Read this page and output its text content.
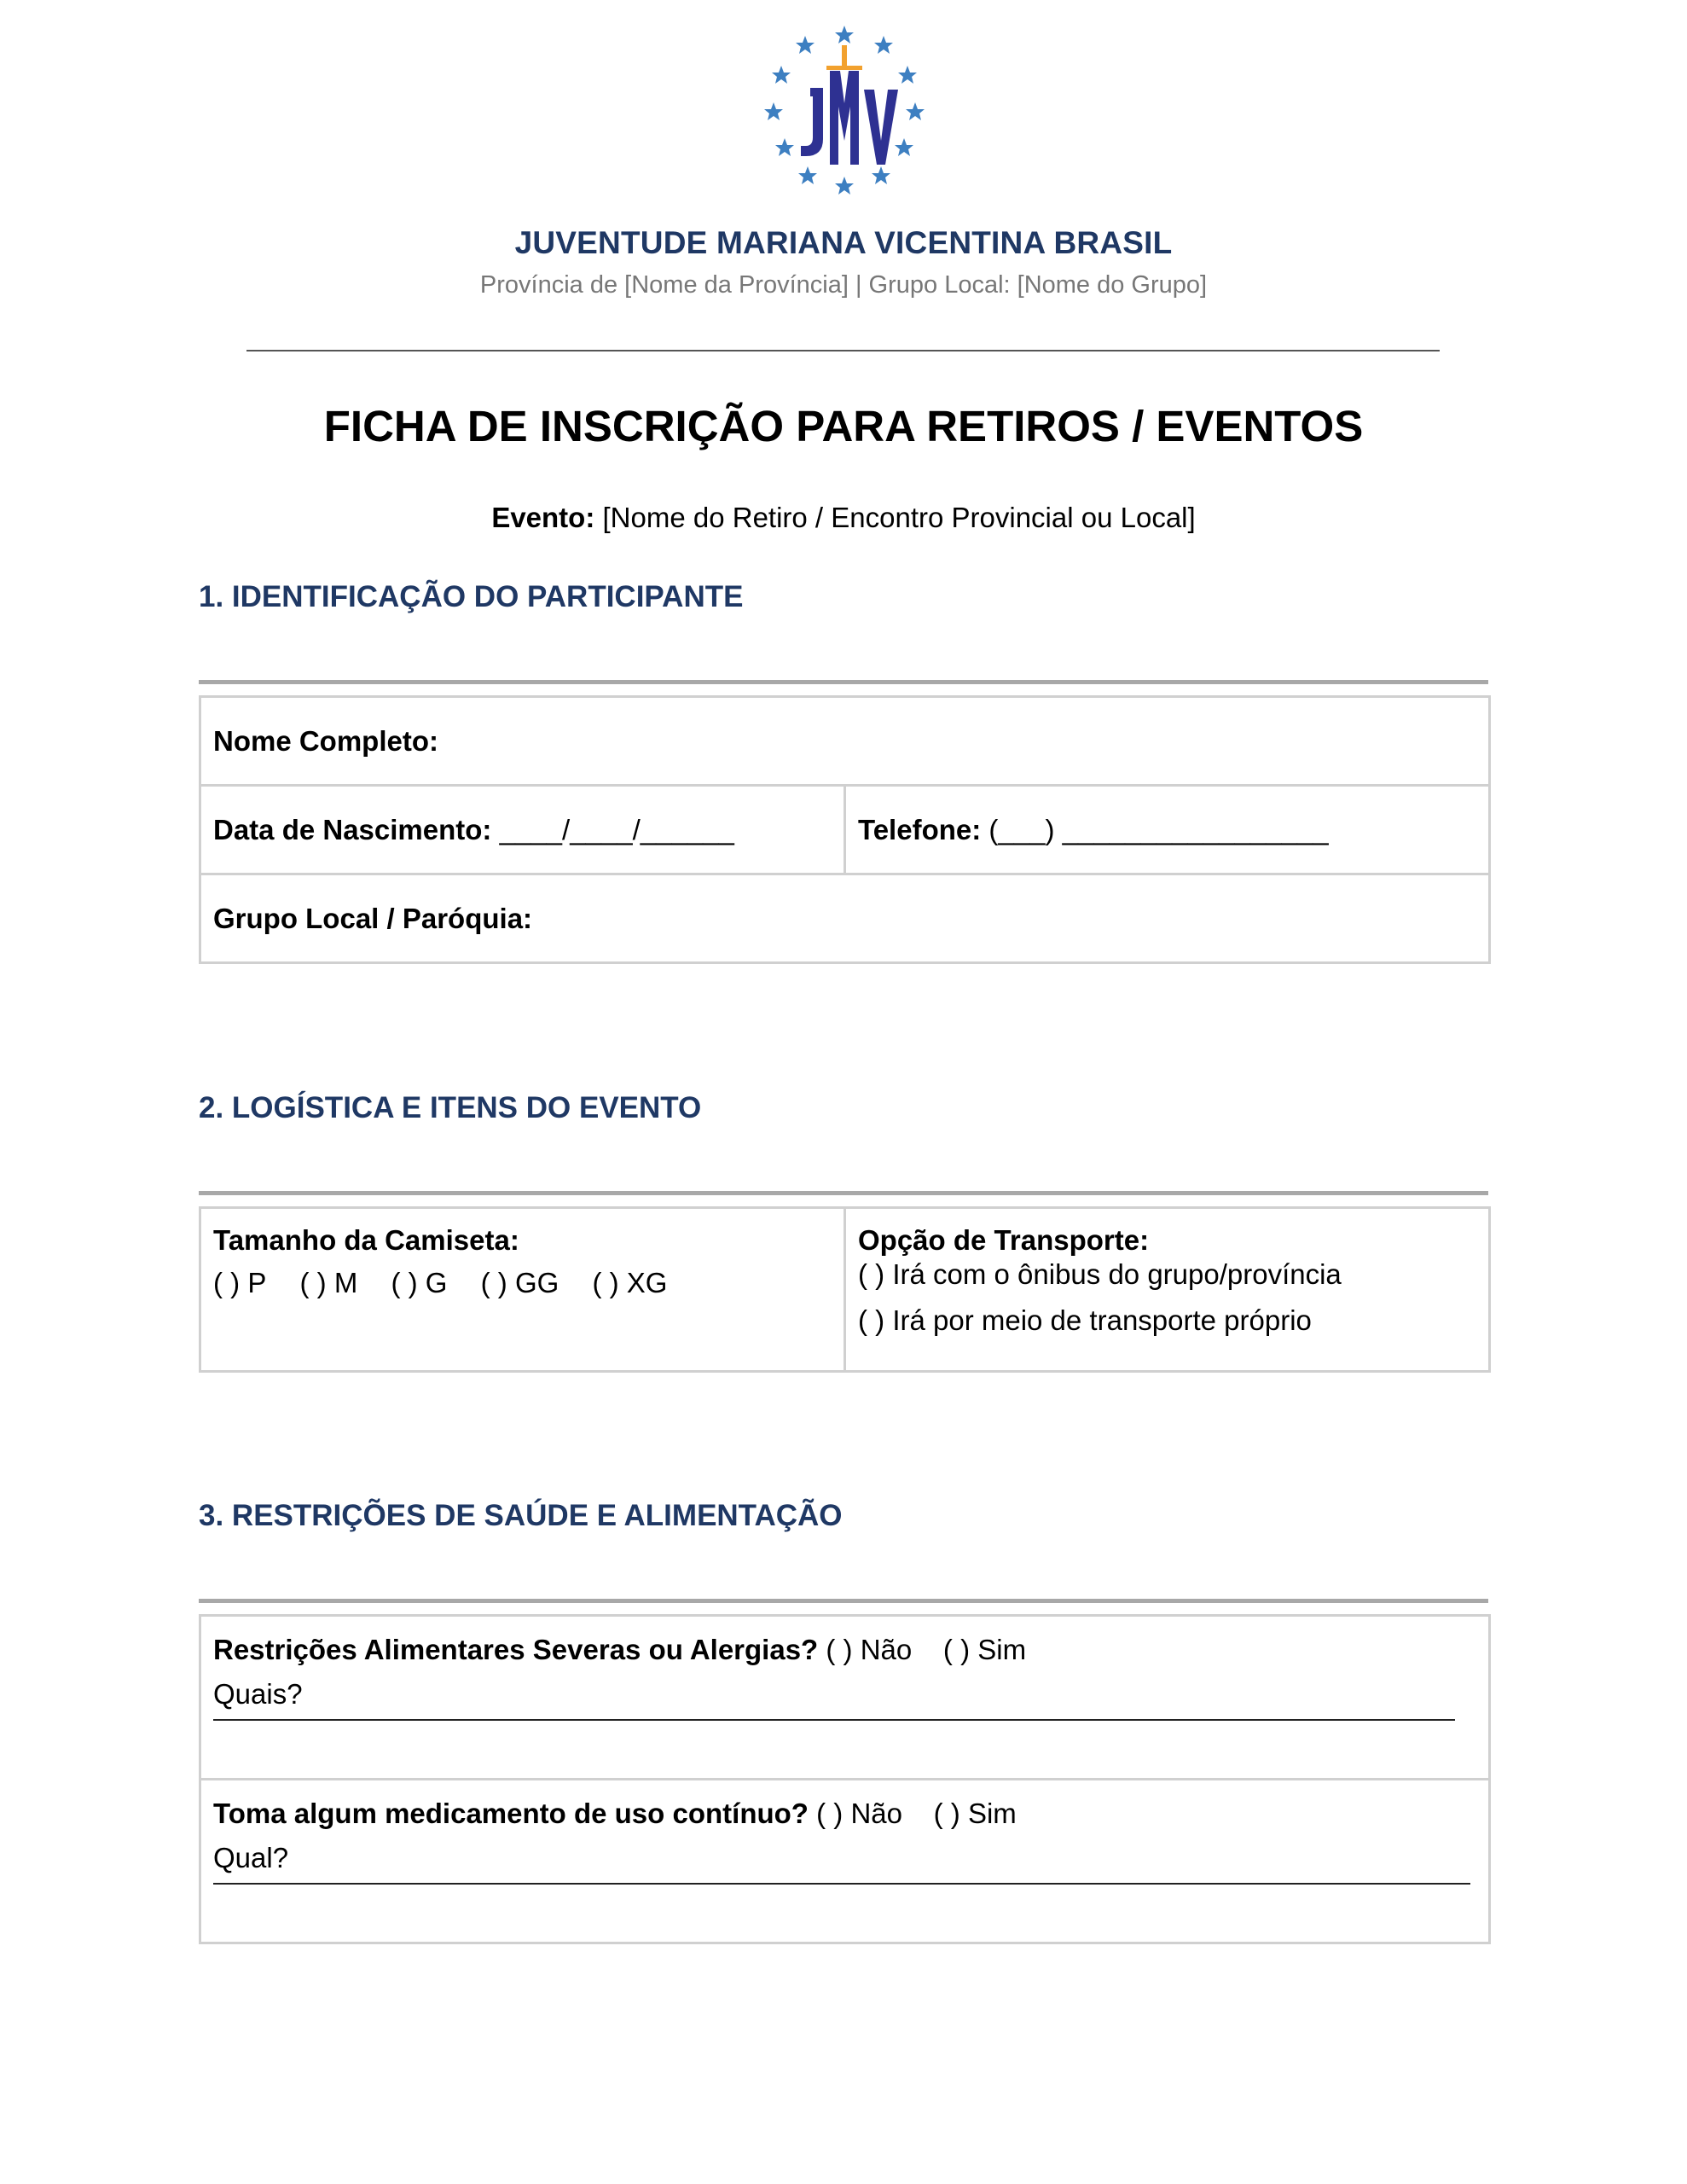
JUVENTUDE MARIANA VICENTINA BRASIL
Província de [Nome da Província] | Grupo Local: [Nome do Grupo]
FICHA DE INSCRIÇÃO PARA RETIROS / EVENTOS
Evento: [Nome do Retiro / Encontro Provincial ou Local]
1. IDENTIFICAÇÃO DO PARTICIPANTE
Nome Completo:
Data de Nascimento: ____/____/______	Telefone: (___) _________________
Grupo Local / Paróquia:
2. LOGÍSTICA E ITENS DO EVENTO
Tamanho da Camiseta:
( ) P ( ) M ( ) G ( ) GG ( ) XG

Opção de Transporte:
( ) Irá com o ônibus do grupo/província
( ) Irá por meio de transporte próprio
3. RESTRIÇÕES DE SAÚDE E ALIMENTAÇÃO
Restrições Alimentares Severas ou Alergias? ( ) Não    ( ) Sim
Quais?

Toma algum medicamento de uso contínuo? ( ) Não    ( ) Sim
Qual?
